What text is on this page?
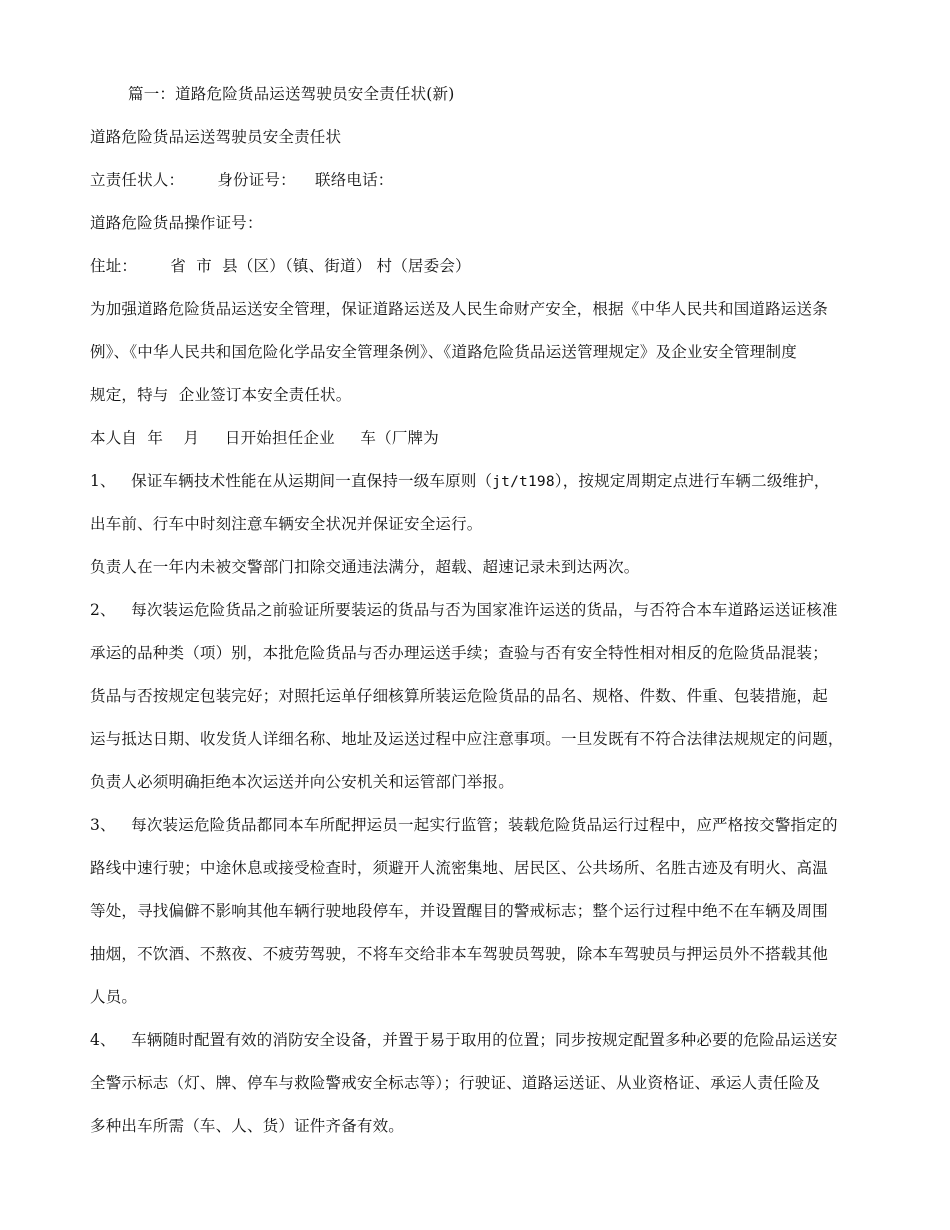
篇一：道路危险货品运送驾驶员安全责任状(新)
道路危险货品运送驾驶员安全责任状
立责任状人： 身份证号： 联络电话：
道路危险货品操作证号：
住址： 省  市  县（区）（镇、街道） 村（居委会）
为加强道路危险货品运送安全管理，保证道路运送及人民生命财产安全，根据《中华人民共和国道路运送条
例》、《中华人民共和国危险化学品安全管理条例》、《道路危险货品运送管理规定》及企业安全管理制度
规定，特与  企业签订本安全责任状。
本人自  年    月     日开始担任企业     车（厂牌为
1、   保证车辆技术性能在从运期间一直保持一级车原则（jt/t198），按规定周期定点进行车辆二级维护，
出车前、行车中时刻注意车辆安全状况并保证安全运行。
负责人在一年内未被交警部门扣除交通违法满分，超载、超速记录未到达两次。
2、   每次装运危险货品之前验证所要装运的货品与否为国家准许运送的货品，与否符合本车道路运送证核准
承运的品种类（项）别，本批危险货品与否办理运送手续；查验与否有安全特性相对相反的危险货品混装；
货品与否按规定包装完好；对照托运单仔细核算所装运危险货品的品名、规格、件数、件重、包装措施，起
运与抵达日期、收发货人详细名称、地址及运送过程中应注意事项。一旦发既有不符合法律法规规定的问题，
负责人必须明确拒绝本次运送并向公安机关和运管部门举报。
3、   每次装运危险货品都同本车所配押运员一起实行监管；装载危险货品运行过程中，应严格按交警指定的
路线中速行驶；中途休息或接受检查时，须避开人流密集地、居民区、公共场所、名胜古迹及有明火、高温
等处，寻找偏僻不影响其他车辆行驶地段停车，并设置醒目的警戒标志；整个运行过程中绝不在车辆及周围
抽烟，不饮酒、不熬夜、不疲劳驾驶，不将车交给非本车驾驶员驾驶，除本车驾驶员与押运员外不搭载其他
人员。
4、   车辆随时配置有效的消防安全设备，并置于易于取用的位置；同步按规定配置多种必要的危险品运送安
全警示标志（灯、牌、停车与救险警戒安全标志等）；行驶证、道路运送证、从业资格证、承运人责任险及
多种出车所需（车、人、货）证件齐备有效。
